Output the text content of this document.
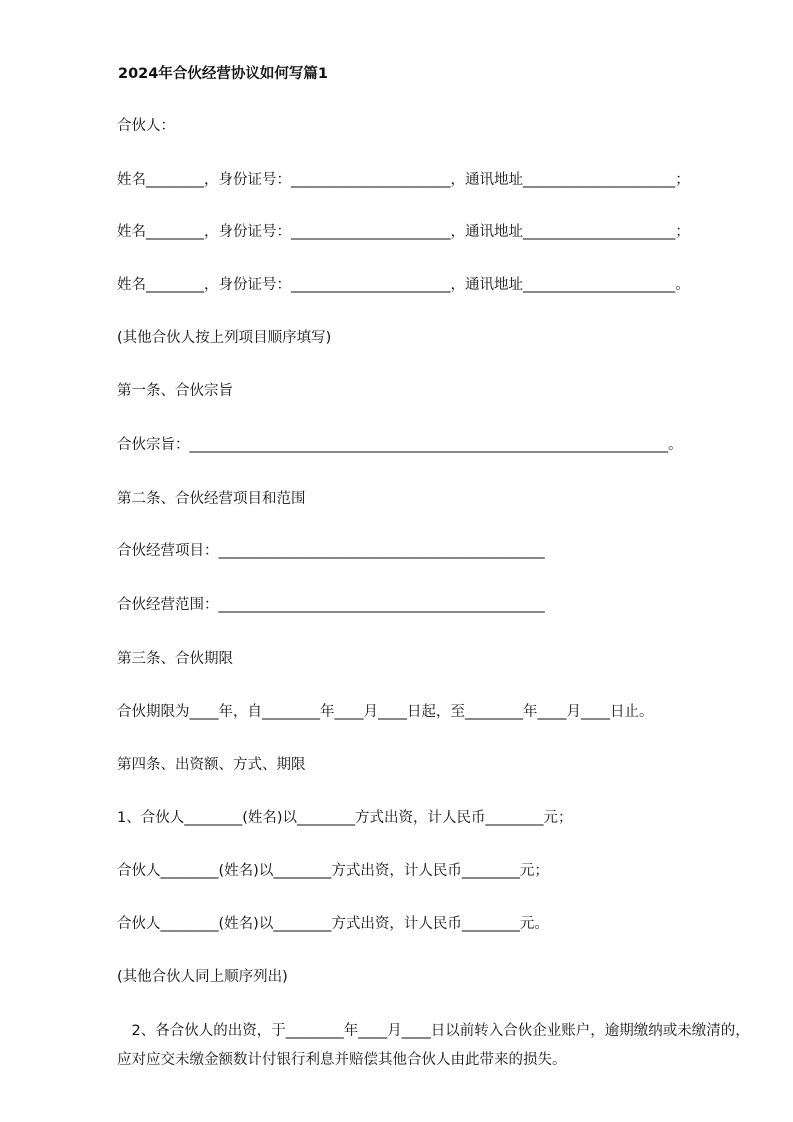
2024年合伙经营协议如何写篇1
合伙人：
姓名________，身份证号：______________________，通讯地址_____________________；
姓名________，身份证号：______________________，通讯地址_____________________；
姓名________，身份证号：______________________，通讯地址_____________________。
(其他合伙人按上列项目顺序填写)
第一条、合伙宗旨
合伙宗旨：__________________________________________________________________。
第二条、合伙经营项目和范围
合伙经营项目：_____________________________________________
合伙经营范围：_____________________________________________
第三条、合伙期限
合伙期限为____年，自________年____月____日起，至________年____月____日止。
第四条、出资额、方式、期限
1、合伙人________(姓名)以________方式出资，计人民币________元；
合伙人________(姓名)以________方式出资，计人民币________元；
合伙人________(姓名)以________方式出资，计人民币________元。
(其他合伙人同上顺序列出)
　2、各合伙人的出资，于________年____月____日以前转入合伙企业账户，逾期缴纳或未缴清的，应对应交未缴金额数计付银行利息并赔偿其他合伙人由此带来的损失。
